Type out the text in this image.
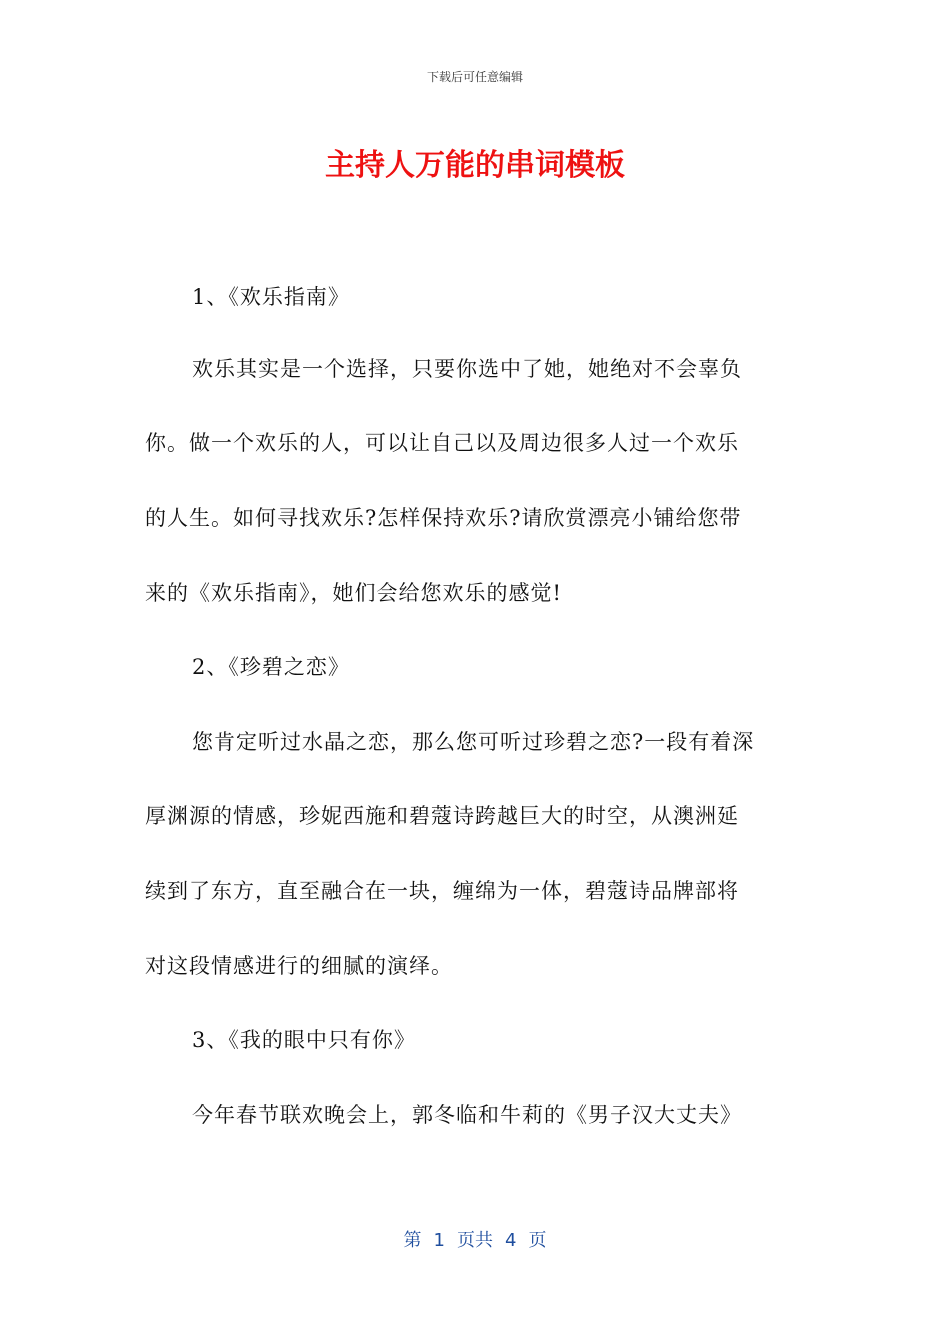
下载后可任意编辑
主持人万能的串词模板
1、《欢乐指南》
欢乐其实是一个选择，只要你选中了她，她绝对不会辜负
你。做一个欢乐的人，可以让自己以及周边很多人过一个欢乐
的人生。如何寻找欢乐?怎样保持欢乐?请欣赏漂亮小铺给您带
来的《欢乐指南》，她们会给您欢乐的感觉!
2、《珍碧之恋》
您肯定听过水晶之恋，那么您可听过珍碧之恋?一段有着深
厚渊源的情感，珍妮西施和碧蔻诗跨越巨大的时空，从澳洲延
续到了东方，直至融合在一块，缠绵为一体，碧蔻诗品牌部将
对这段情感进行的细腻的演绎。
3、《我的眼中只有你》
今年春节联欢晚会上，郭冬临和牛莉的《男子汉大丈夫》
第 1 页共 4 页
